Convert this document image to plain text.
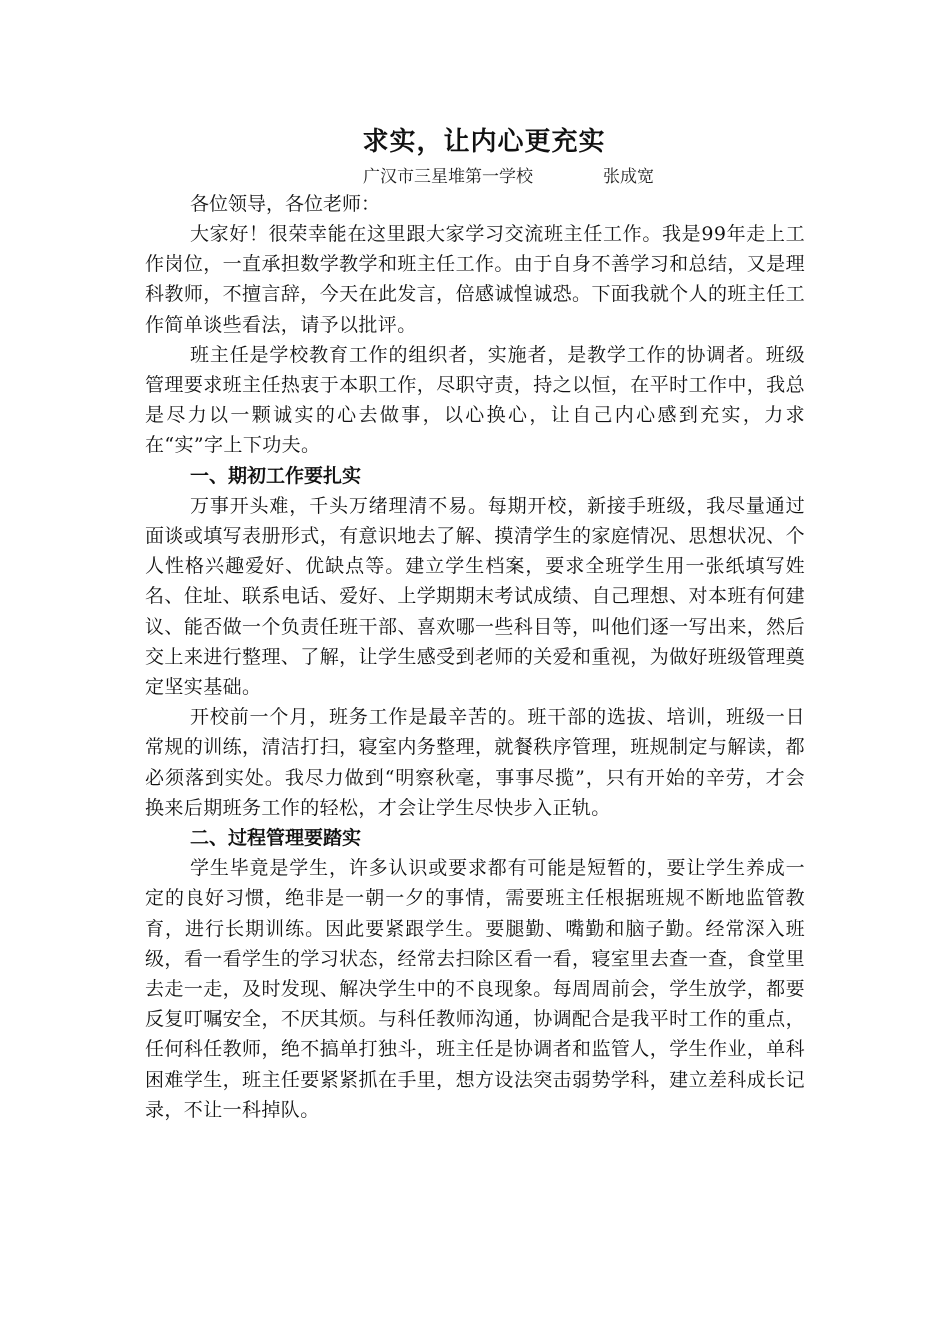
求实，让内心更充实
广汉市三星堆第一学校	张成宽

各位领导，各位老师：

大家好！很荣幸能在这里跟大家学习交流班主任工作。我是99年走上工作岗位，一直承担数学教学和班主任工作。由于自身不善学习和总结，又是理科教师，不擅言辞，今天在此发言，倍感诚惶诚恐。下面我就个人的班主任工作简单谈些看法，请予以批评。

班主任是学校教育工作的组织者，实施者，是教学工作的协调者。班级管理要求班主任热衷于本职工作，尽职守责，持之以恒，在平时工作中，我总是尽力以一颗诚实的心去做事，以心换心，让自己内心感到充实，力求在“实”字上下功夫。

一、期初工作要扎实

万事开头难，千头万绪理清不易。每期开校，新接手班级，我尽量通过面谈或填写表册形式，有意识地去了解、摸清学生的家庭情况、思想状况、个人性格兴趣爱好、优缺点等。建立学生档案，要求全班学生用一张纸填写姓名、住址、联系电话、爱好、上学期期末考试成绩、自己理想、对本班有何建议、能否做一个负责任班干部、喜欢哪一些科目等，叫他们逐一写出来，然后交上来进行整理、了解，让学生感受到老师的关爱和重视，为做好班级管理奠定坚实基础。

开校前一个月，班务工作是最辛苦的。班干部的选拔、培训，班级一日常规的训练，清洁打扫，寝室内务整理，就餐秩序管理，班规制定与解读，都必须落到实处。我尽力做到“明察秋毫，事事尽揽”，只有开始的辛劳，才会换来后期班务工作的轻松，才会让学生尽快步入正轨。

二、过程管理要踏实

学生毕竟是学生，许多认识或要求都有可能是短暂的，要让学生养成一定的良好习惯，绝非是一朝一夕的事情，需要班主任根据班规不断地监管教育，进行长期训练。因此要紧跟学生。要腿勤、嘴勤和脑子勤。经常深入班级，看一看学生的学习状态，经常去扫除区看一看，寝室里去查一查，食堂里去走一走，及时发现、解决学生中的不良现象。每周周前会，学生放学，都要反复叮嘱安全，不厌其烦。与科任教师沟通，协调配合是我平时工作的重点，任何科任教师，绝不搞单打独斗，班主任是协调者和监管人，学生作业，单科困难学生，班主任要紧紧抓在手里，想方设法突击弱势学科，建立差科成长记录，不让一科掉队。
